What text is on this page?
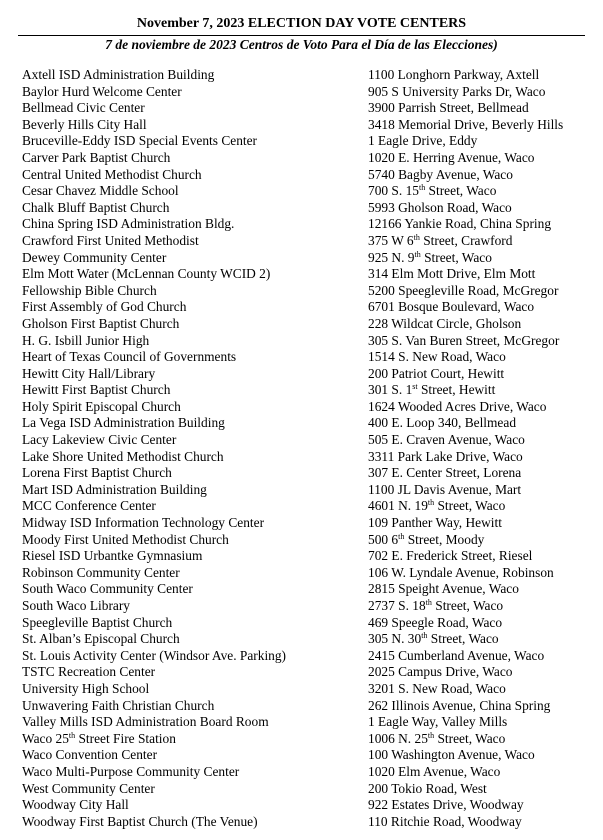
November 7, 2023 ELECTION DAY VOTE CENTERS
7 de noviembre de 2023 Centros de Voto Para el Día de las Elecciones)
Axtell ISD Administration Building	1100 Longhorn Parkway, Axtell
Baylor Hurd Welcome Center	905 S University Parks Dr, Waco
Bellmead Civic Center	3900 Parrish Street, Bellmead
Beverly Hills City Hall	3418 Memorial Drive, Beverly Hills
Bruceville-Eddy ISD Special Events Center	1 Eagle Drive, Eddy
Carver Park Baptist Church	1020 E. Herring Avenue, Waco
Central United Methodist Church	5740 Bagby Avenue, Waco
Cesar Chavez Middle School	700 S. 15th Street, Waco
Chalk Bluff Baptist Church	5993 Gholson Road, Waco
China Spring ISD Administration Bldg.	12166 Yankie Road, China Spring
Crawford First United Methodist	375 W 6th Street, Crawford
Dewey Community Center	925 N. 9th Street, Waco
Elm Mott Water (McLennan County WCID 2)	314 Elm Mott Drive, Elm Mott
Fellowship Bible Church	5200 Speegleville Road, McGregor
First Assembly of God Church	6701 Bosque Boulevard, Waco
Gholson First Baptist Church	228 Wildcat Circle, Gholson
H. G. Isbill Junior High	305 S. Van Buren Street, McGregor
Heart of Texas Council of Governments	1514 S. New Road, Waco
Hewitt City Hall/Library	200 Patriot Court, Hewitt
Hewitt First Baptist Church	301 S. 1st Street, Hewitt
Holy Spirit Episcopal Church	1624 Wooded Acres Drive, Waco
La Vega ISD Administration Building	400 E. Loop 340, Bellmead
Lacy Lakeview Civic Center	505 E. Craven Avenue, Waco
Lake Shore United Methodist Church	3311 Park Lake Drive, Waco
Lorena First Baptist Church	307 E. Center Street, Lorena
Mart ISD Administration Building	1100 JL Davis Avenue, Mart
MCC Conference Center	4601 N. 19th Street, Waco
Midway ISD Information Technology Center	109 Panther Way, Hewitt
Moody First United Methodist Church	500 6th Street, Moody
Riesel ISD Urbantke Gymnasium	702 E. Frederick Street, Riesel
Robinson Community Center	106 W. Lyndale Avenue, Robinson
South Waco Community Center	2815 Speight Avenue, Waco
South Waco Library	2737 S. 18th Street, Waco
Speegleville Baptist Church	469 Speegle Road, Waco
St. Alban’s Episcopal Church	305 N. 30th Street, Waco
St. Louis Activity Center (Windsor Ave. Parking)	2415 Cumberland Avenue, Waco
TSTC Recreation Center	2025 Campus Drive, Waco
University High School	3201 S. New Road, Waco
Unwavering Faith Christian Church	262 Illinois Avenue, China Spring
Valley Mills ISD Administration Board Room	1 Eagle Way, Valley Mills
Waco 25th Street Fire Station	1006 N. 25th Street, Waco
Waco Convention Center	100 Washington Avenue, Waco
Waco Multi-Purpose Community Center	1020 Elm Avenue, Waco
West Community Center	200 Tokio Road, West
Woodway City Hall	922 Estates Drive, Woodway
Woodway First Baptist Church (The Venue)	110 Ritchie Road, Woodway
